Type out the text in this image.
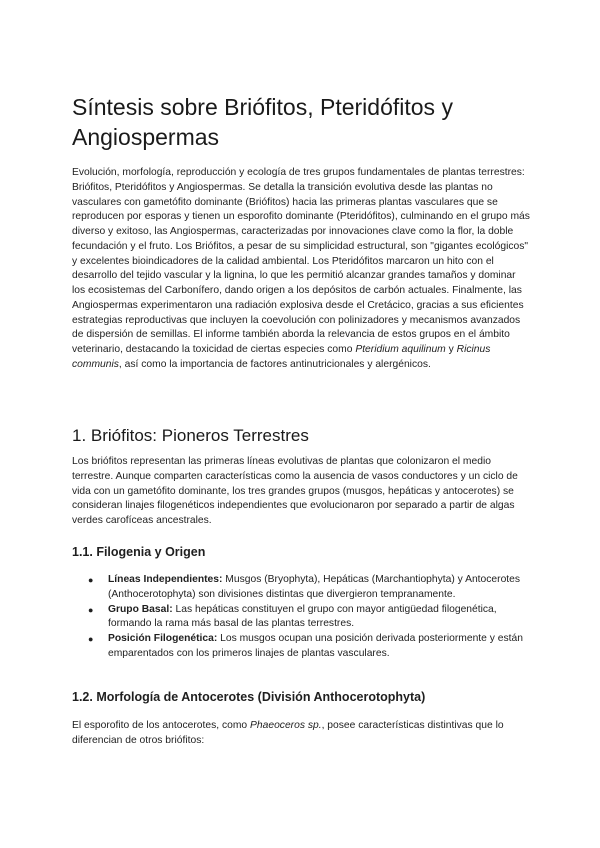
Síntesis sobre Briófitos, Pteridófitos y Angiospermas

Evolución, morfología, reproducción y ecología de tres grupos fundamentales de plantas terrestres: Briófitos, Pteridófitos y Angiospermas. Se detalla la transición evolutiva desde las plantas no vasculares con gametófito dominante (Briófitos) hacia las primeras plantas vasculares que se reproducen por esporas y tienen un esporofito dominante (Pteridófitos), culminando en el grupo más diverso y exitoso, las Angiospermas, caracterizadas por innovaciones clave como la flor, la doble fecundación y el fruto. Los Briófitos, a pesar de su simplicidad estructural, son "gigantes ecológicos" y excelentes bioindicadores de la calidad ambiental. Los Pteridófitos marcaron un hito con el desarrollo del tejido vascular y la lignina, lo que les permitió alcanzar grandes tamaños y dominar los ecosistemas del Carbonífero, dando origen a los depósitos de carbón actuales. Finalmente, las Angiospermas experimentaron una radiación explosiva desde el Cretácico, gracias a sus eficientes estrategias reproductivas que incluyen la coevolución con polinizadores y mecanismos avanzados de dispersión de semillas. El informe también aborda la relevancia de estos grupos en el ámbito veterinario, destacando la toxicidad de ciertas especies como Pteridium aquilinum y Ricinus communis, así como la importancia de factores antinutricionales y alergénicos.

1. Briófitos: Pioneros Terrestres

Los briófitos representan las primeras líneas evolutivas de plantas que colonizaron el medio terrestre. Aunque comparten características como la ausencia de vasos conductores y un ciclo de vida con un gametófito dominante, los tres grandes grupos (musgos, hepáticas y antocerotes) se consideran linajes filogenéticos independientes que evolucionaron por separado a partir de algas verdes carofíceas ancestrales.

1.1. Filogenia y Origen
● Líneas Independientes: Musgos (Bryophyta), Hepáticas (Marchantiophyta) y Antocerotes (Anthocerotophyta) son divisiones distintas que divergieron tempranamente.
● Grupo Basal: Las hepáticas constituyen el grupo con mayor antigüedad filogenética, formando la rama más basal de las plantas terrestres.
● Posición Filogenética: Los musgos ocupan una posición derivada posteriormente y están emparentados con los primeros linajes de plantas vasculares.
1.2. Morfología de Antocerotes (División Anthocerotophyta)

El esporofito de los antocerotes, como Phaeoceros sp., posee características distintivas que lo diferencian de otros briófitos:
